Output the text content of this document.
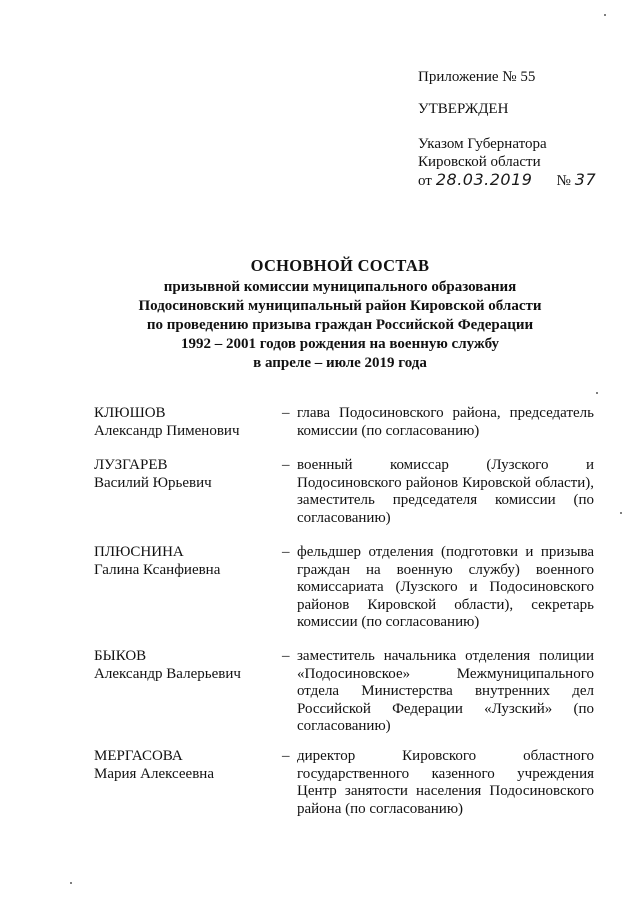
Приложение № 55
УТВЕРЖДЕН
Указом Губернатора
Кировской области
от 28.03.2019 № 37
ОСНОВНОЙ СОСТАВ
призывной комиссии муниципального образования
Подосиновский муниципальный район Кировской области
по проведению призыва граждан Российской Федерации
1992 – 2001 годов рождения на военную службу
в апреле – июле 2019 года
КЛЮШОВ
Александр Пименович
– глава Подосиновского района, председатель комиссии (по согласованию)
ЛУЗГАРЕВ
Василий Юрьевич
– военный комиссар (Лузского и Подосиновского районов Кировской области), заместитель председателя комиссии (по согласованию)
ПЛЮСНИНА
Галина Ксанфиевна
– фельдшер отделения (подготовки и призыва граждан на военную службу) военного комиссариата (Лузского и Подосиновского районов Кировской области), секретарь комиссии (по согласованию)
БЫКОВ
Александр Валерьевич
– заместитель начальника отделения полиции «Подосиновское» Межмуниципального отдела Министерства внутренних дел Российской Федерации «Лузский» (по согласованию)
МЕРГАСОВА
Мария Алексеевна
– директор Кировского областного государственного казенного учреждения Центр занятости населения Подосиновского района (по согласованию)
